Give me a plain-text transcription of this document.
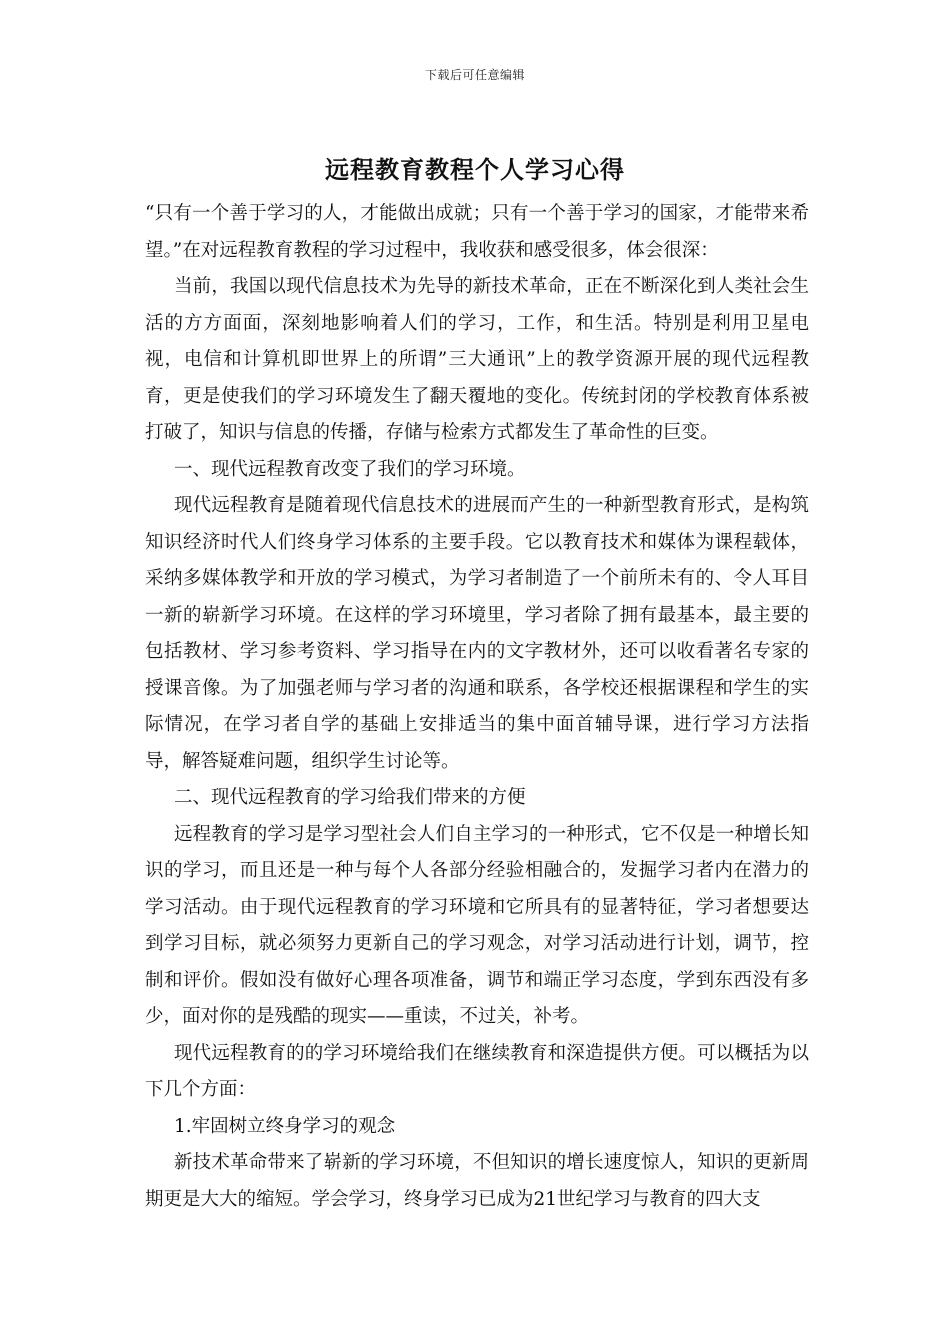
下载后可任意编辑
远程教育教程个人学习心得

“只有一个善于学习的人，才能做出成就；只有一个善于学习的国家，才能带来希望。”在对远程教育教程的学习过程中，我收获和感受很多，体会很深：

当前，我国以现代信息技术为先导的新技术革命，正在不断深化到人类社会生活的方方面面，深刻地影响着人们的学习，工作，和生活。特别是利用卫星电视，电信和计算机即世界上的所谓”三大通讯”上的教学资源开展的现代远程教育，更是使我们的学习环境发生了翻天覆地的变化。传统封闭的学校教育体系被打破了，知识与信息的传播，存储与检索方式都发生了革命性的巨变。

一、现代远程教育改变了我们的学习环境。

现代远程教育是随着现代信息技术的进展而产生的一种新型教育形式，是构筑知识经济时代人们终身学习体系的主要手段。它以教育技术和媒体为课程载体，采纳多媒体教学和开放的学习模式，为学习者制造了一个前所未有的、令人耳目一新的崭新学习环境。在这样的学习环境里，学习者除了拥有最基本，最主要的包括教材、学习参考资料、学习指导在内的文字教材外，还可以收看著名专家的授课音像。为了加强老师与学习者的沟通和联系，各学校还根据课程和学生的实际情况，在学习者自学的基础上安排适当的集中面首辅导课，进行学习方法指导，解答疑难问题，组织学生讨论等。

二、现代远程教育的学习给我们带来的方便

远程教育的学习是学习型社会人们自主学习的一种形式，它不仅是一种增长知识的学习，而且还是一种与每个人各部分经验相融合的，发掘学习者内在潜力的学习活动。由于现代远程教育的学习环境和它所具有的显著特征，学习者想要达到学习目标，就必须努力更新自己的学习观念，对学习活动进行计划，调节，控制和评价。假如没有做好心理各项准备，调节和端正学习态度，学到东西没有多少，面对你的是残酷的现实——重读，不过关，补考。

现代远程教育的的学习环境给我们在继续教育和深造提供方便。可以概括为以下几个方面：

1.牢固树立终身学习的观念

新技术革命带来了崭新的学习环境，不但知识的增长速度惊人，知识的更新周期更是大大的缩短。学会学习，终身学习已成为21世纪学习与教育的四大支
